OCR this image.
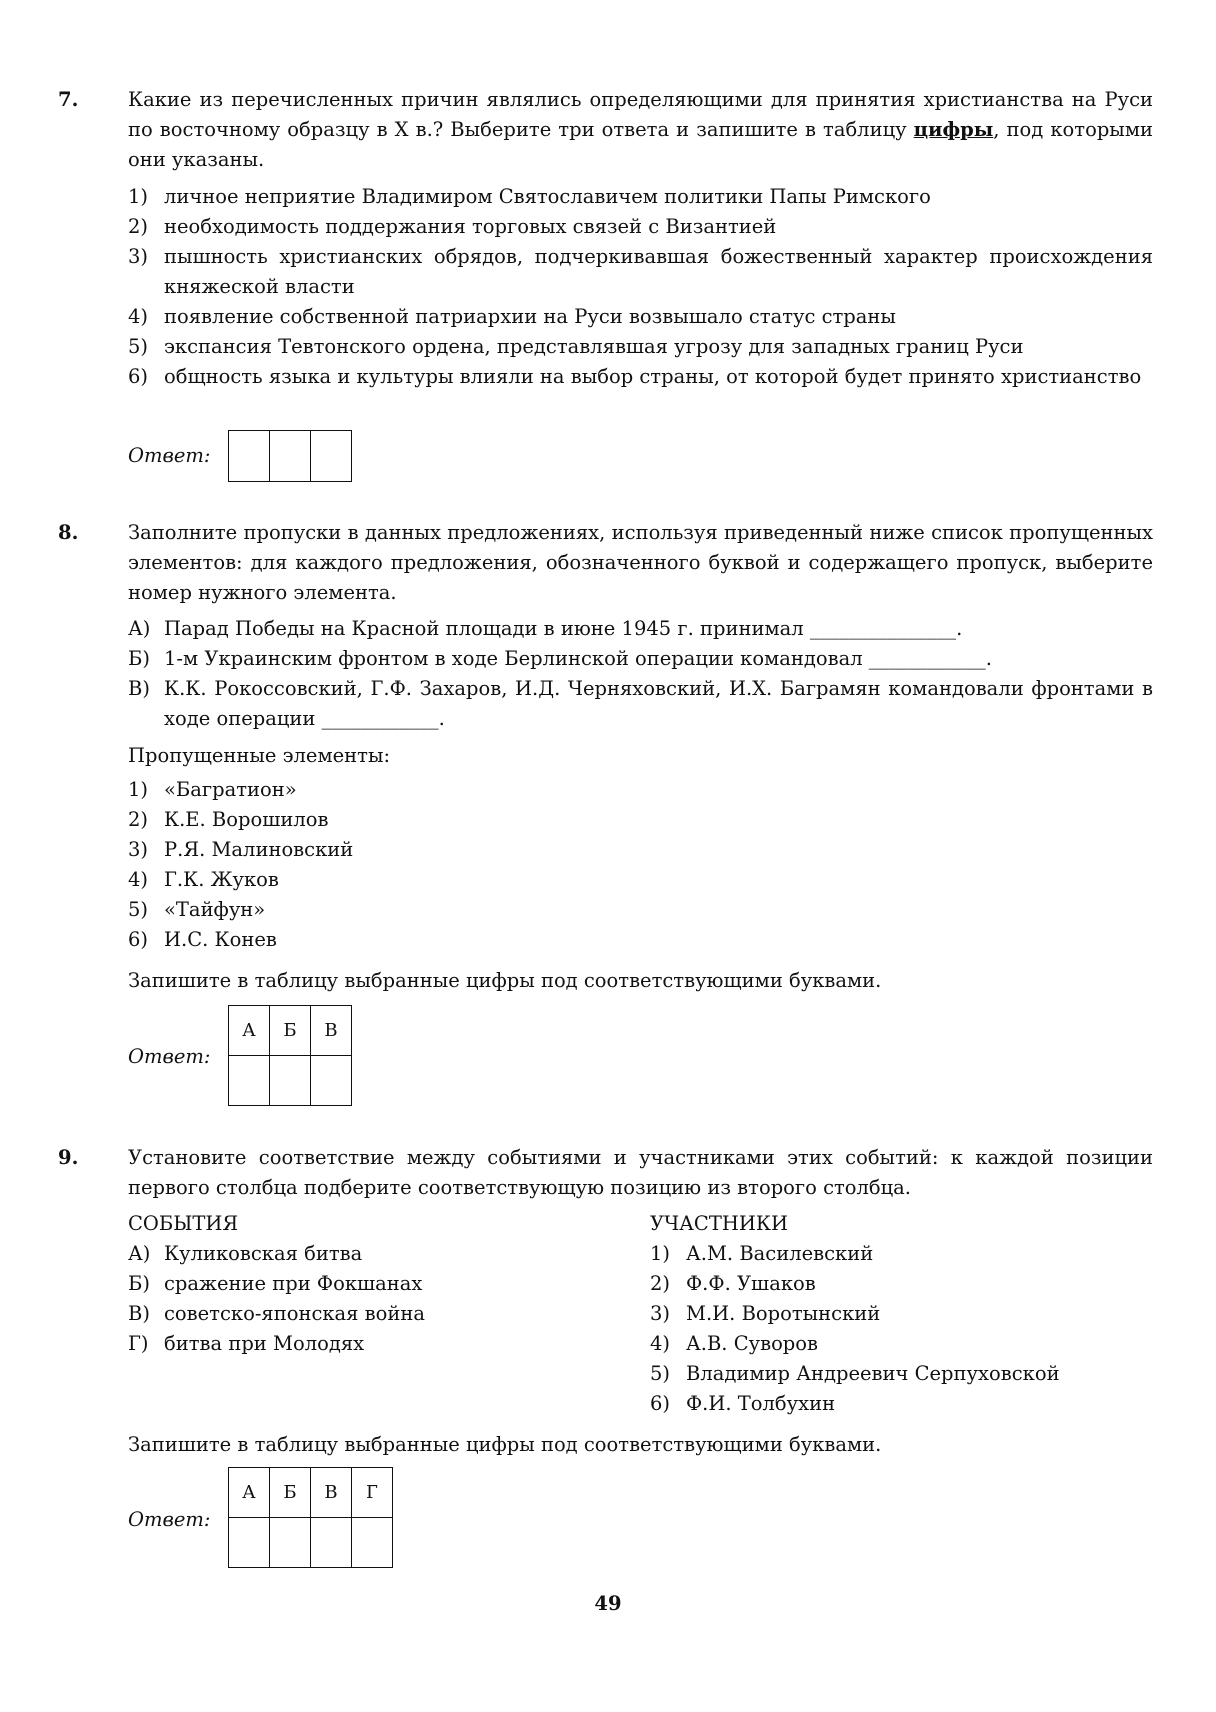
7.	Какие из перечисленных причин являлись определяющими для принятия христианства на Руси по восточному образцу в X в.? Выберите три ответа и запишите в таблицу цифры, под которыми они указаны.

1) личное неприятие Владимиром Святославичем политики Папы Римского
2) необходимость поддержания торговых связей с Византией
3) пышность христианских обрядов, подчеркивавшая божественный характер происхождения княжеской власти
4) появление собственной патриархии на Руси возвышало статус страны
5) экспансия Тевтонского ордена, представлявшая угрозу для западных границ Руси
6) общность языка и культуры влияли на выбор страны, от которой будет принято христианство
Ответ:

8.	Заполните пропуски в данных предложениях, используя приведенный ниже список пропущенных элементов: для каждого предложения, обозначенного буквой и содержащего пропуск, выберите номер нужного элемента.
А) Парад Победы на Красной площади в июне 1945 г. принимал _______________.
Б) 1-м Украинским фронтом в ходе Берлинской операции командовал ____________.
В) К.К. Рокоссовский, Г.Ф. Захаров, И.Д. Черняховский, И.Х. Баграмян командовали фронтами в ходе операции ____________.
Пропущенные элементы:
1) «Багратион»
2) К.Е. Ворошилов
3) Р.Я. Малиновский
4) Г.К. Жуков
5) «Тайфун»
6) И.С. Конев
Запишите в таблицу выбранные цифры под соответствующими буквами.
Ответ:
А	Б	В

9.	Установите соответствие между событиями и участниками этих событий: к каждой позиции первого столбца подберите соответствующую позицию из второго столбца.
СОБЫТИЯ
А) Куликовская битва
Б) сражение при Фокшанах
В) советско-японская война
Г) битва при Молодях
УЧАСТНИКИ
1) А.М. Василевский
2) Ф.Ф. Ушаков
3) М.И. Воротынский
4) А.В. Суворов
5) Владимир Андреевич Серпуховской
6) Ф.И. Толбухин
Запишите в таблицу выбранные цифры под соответствующими буквами.
Ответ:
А	Б	В	Г

49
